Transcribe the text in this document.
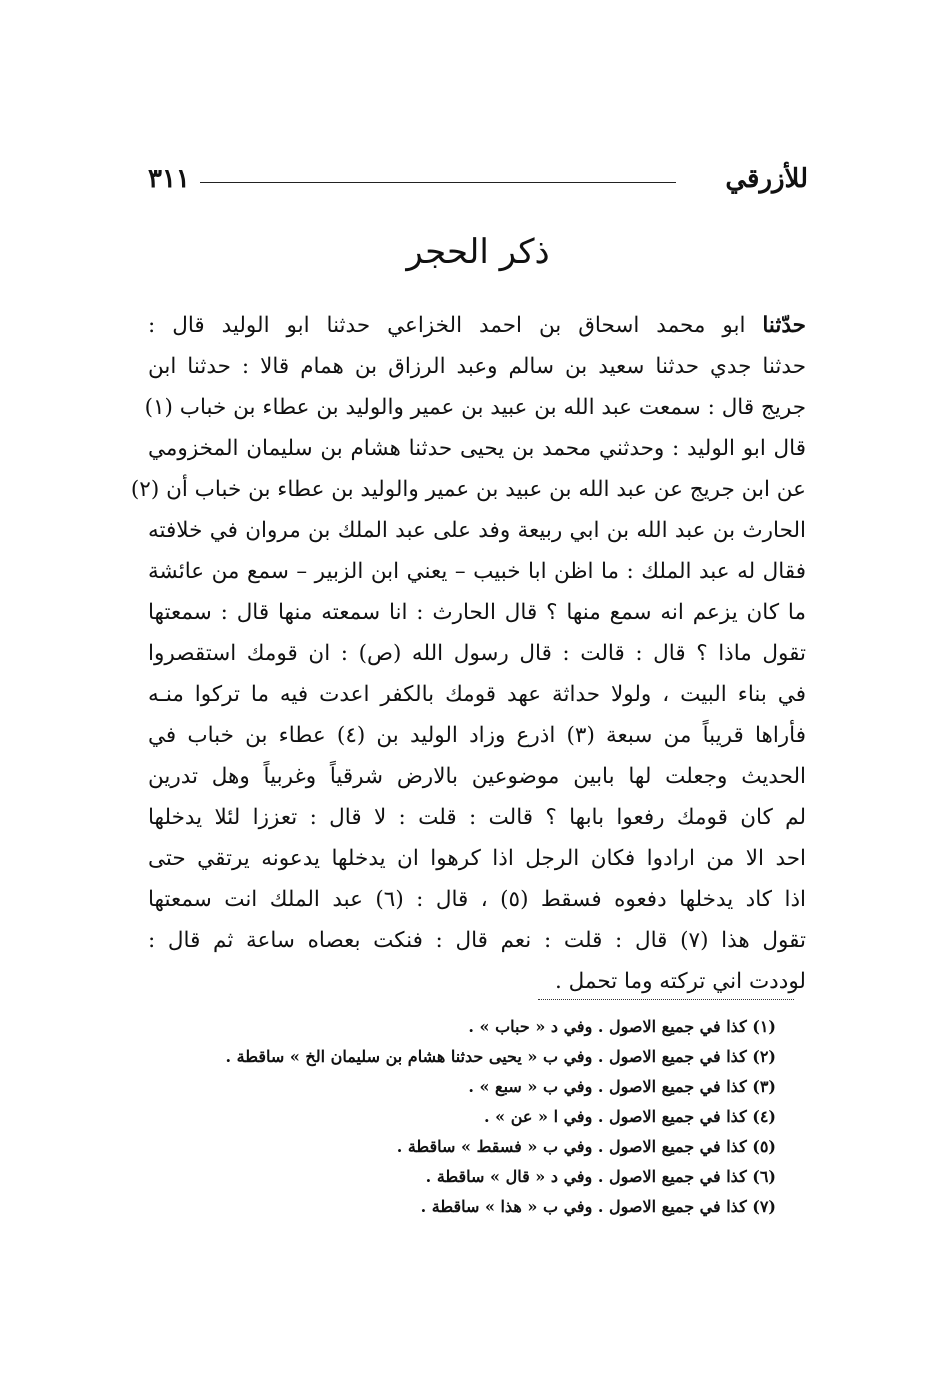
للأزرقي
٣١١
ذكر الحجر
حدّثنا ابو محمد اسحاق بن احمد الخزاعي حدثنا ابو الوليد قال :
حدثنا جدي حدثنا سعيد بن سالم وعبد الرزاق بن همام قالا : حدثنا ابن
جريج قال : سمعت عبد الله بن عبيد بن عمير والوليد بن عطاء بن خباب (١)
قال ابو الوليد : وحدثني محمد بن يحيى حدثنا هشام بن سليمان المخزومي
عن ابن جريج عن عبد الله بن عبيد بن عمير والوليد بن عطاء بن خباب أن (٢)
الحارث بن عبد الله بن ابي ربيعة وفد على عبد الملك بن مروان في خلافته
فقال له عبد الملك : ما اظن ابا خبيب – يعني ابن الزبير – سمع من عائشة
ما كان يزعم انه سمع منها ؟ قال الحارث : انا سمعته منها قال : سمعتها
تقول ماذا ؟ قال : قالت : قال رسول الله (ص) : ان قومك استقصروا
في بناء البيت ، ولولا حداثة عهد قومك بالكفر اعدت فيه ما تركوا منـه
فأراها قريباً من سبعة (٣) اذرع وزاد الوليد بن (٤) عطاء بن خباب في
الحديث وجعلت لها بابين موضوعين بالارض شرقياً وغربياً وهل تدرين
لم كان قومك رفعوا بابها ؟ قالت : قلت : لا قال : تعززا لئلا يدخلها
احد الا من ارادوا فكان الرجل اذا كرهوا ان يدخلها يدعونه يرتقي حتى
اذا كاد يدخلها دفعوه فسقط (٥) ، قال : (٦) عبد الملك انت سمعتها
تقول هذا (٧) قال : قلت : نعم قال : فنكت بعصاه ساعة ثم قال :
لوددت اني تركته وما تحمل .
(١) كذا في جميع الاصول . وفي د « حباب » .
(٢) كذا في جميع الاصول . وفي ب « يحيى حدثنا هشام بن سليمان الخ » ساقطة .
(٣) كذا في جميع الاصول . وفي ب « سبع » .
(٤) كذا في جميع الاصول . وفي ا « عن » .
(٥) كذا في جميع الاصول . وفي ب « فسقط » ساقطة .
(٦) كذا في جميع الاصول . وفي د « قال » ساقطة .
(٧) كذا في جميع الاصول . وفي ب « هذا » ساقطة .
